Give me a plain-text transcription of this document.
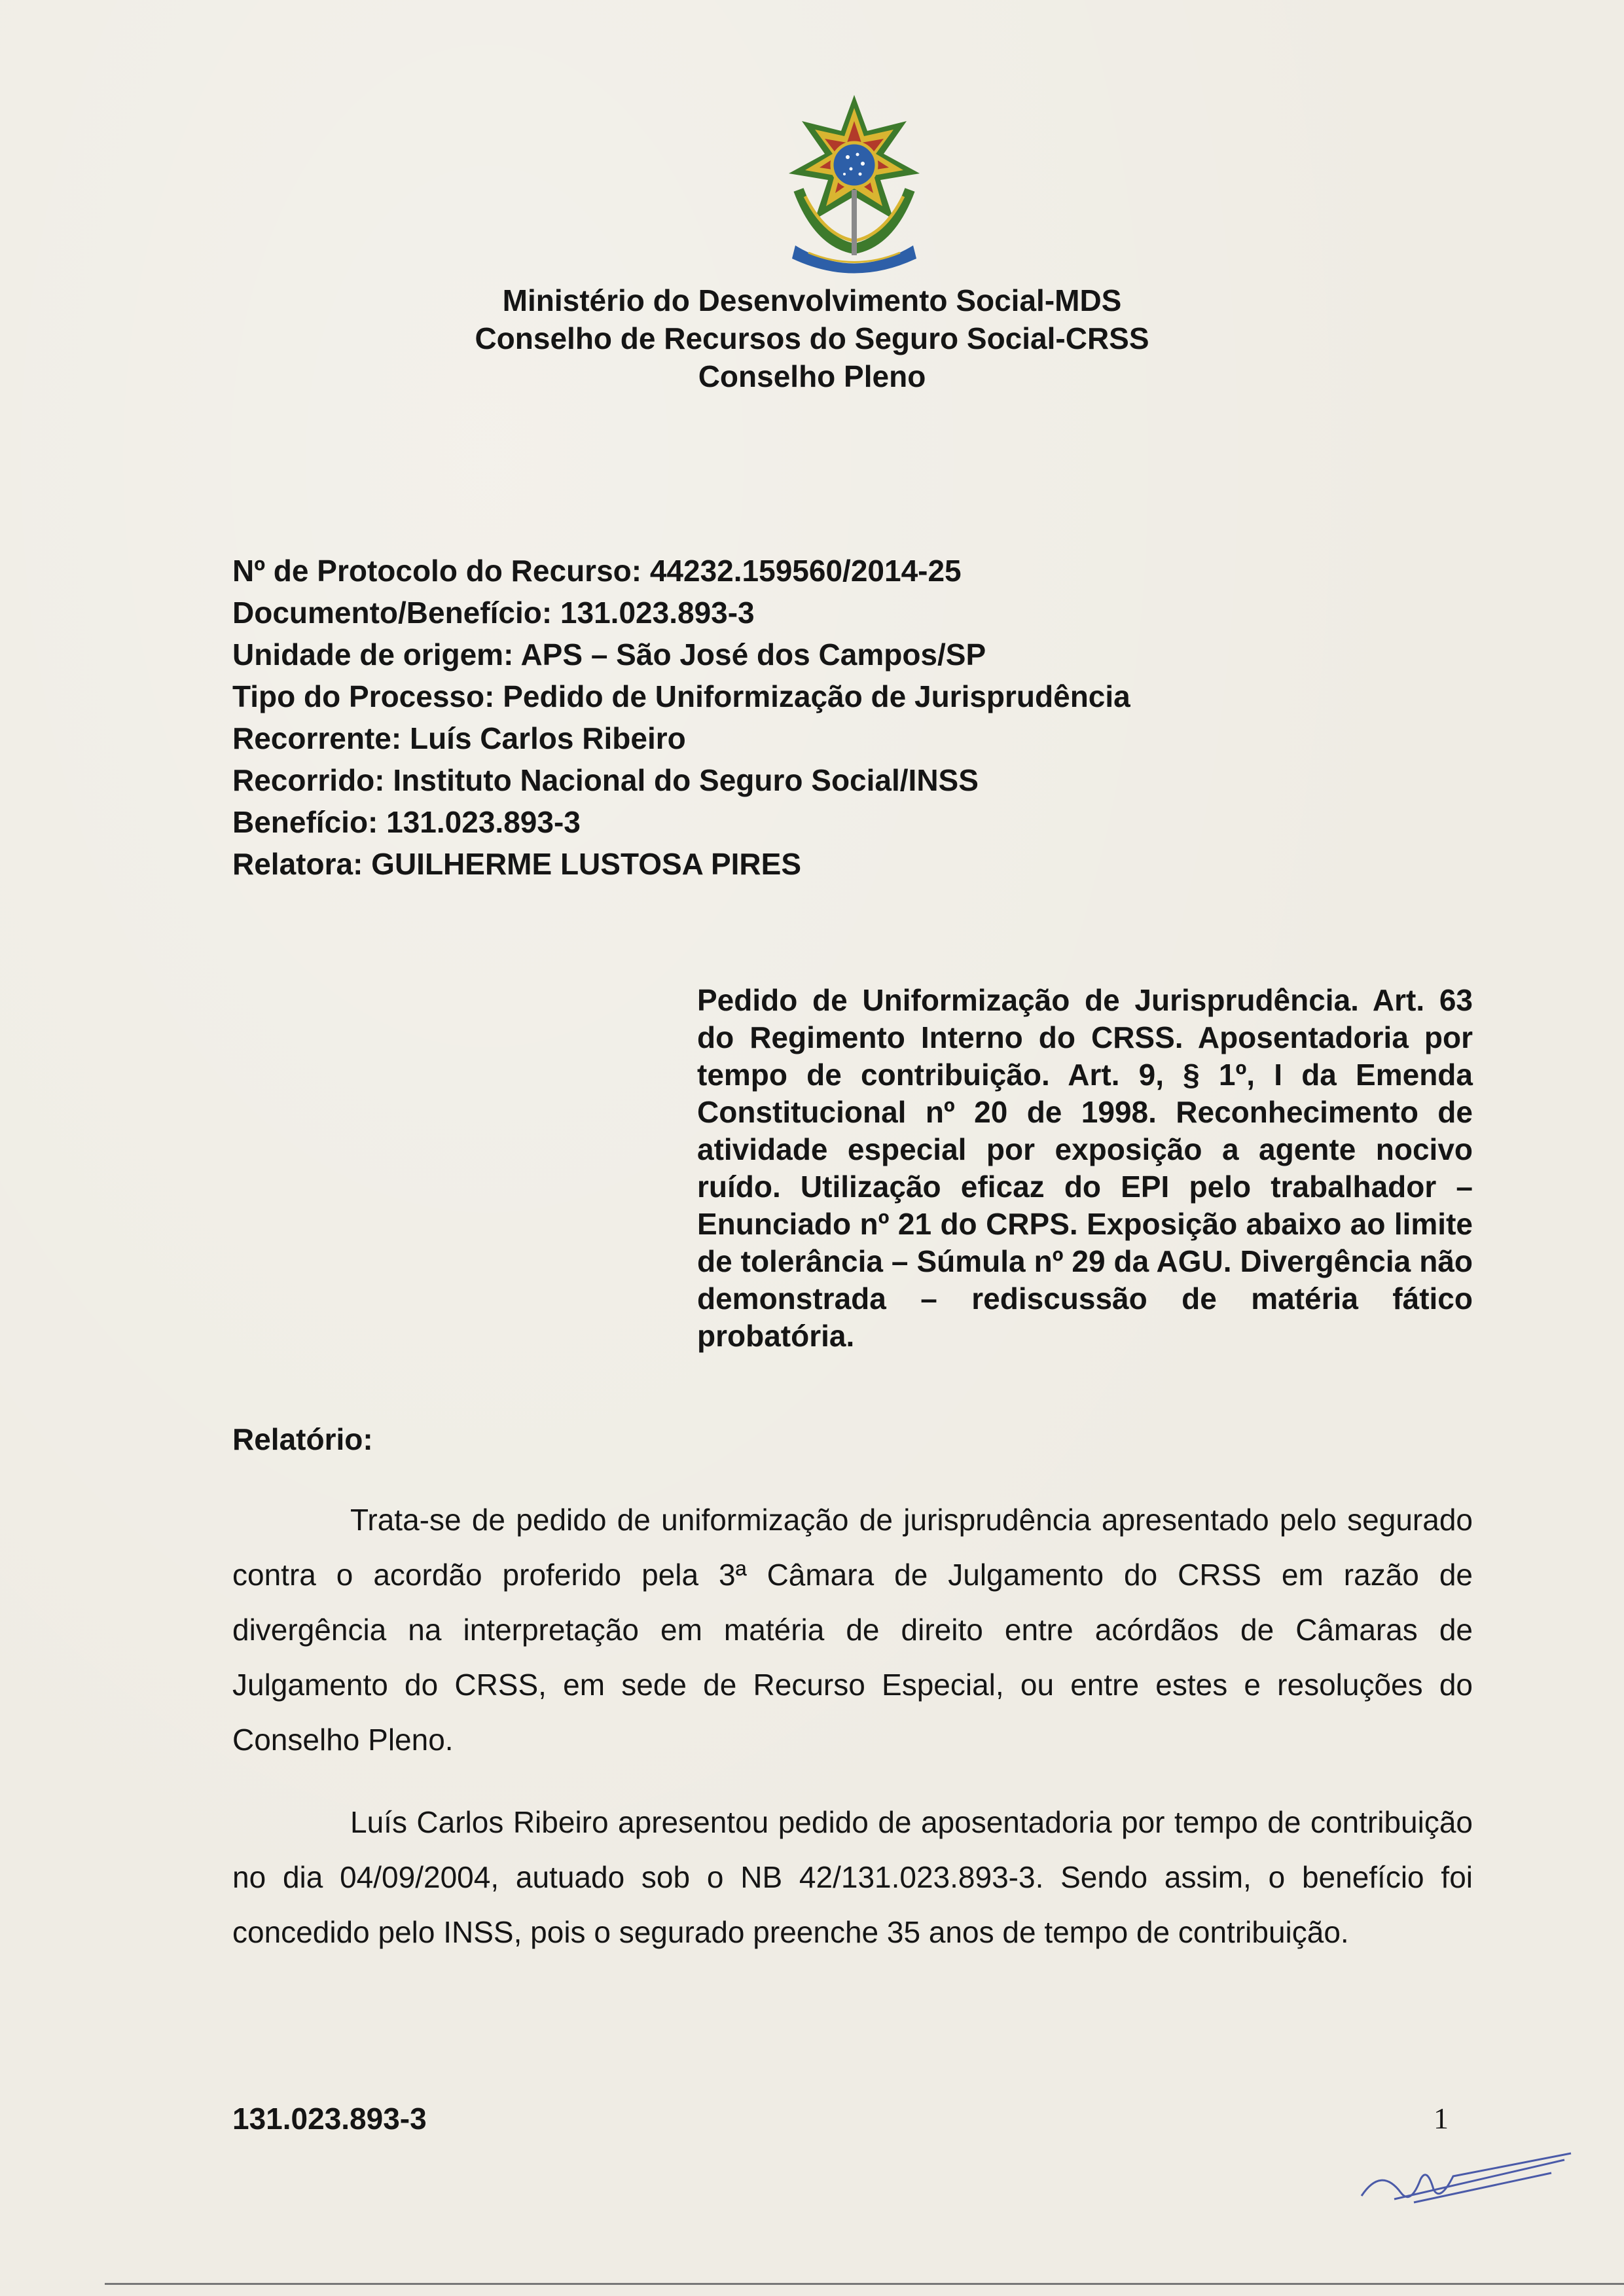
Ministério do Desenvolvimento Social-MDS
Conselho de Recursos do Seguro Social-CRSS
Conselho Pleno
Nº de Protocolo do Recurso: 44232.159560/2014-25
Documento/Benefício: 131.023.893-3
Unidade de origem: APS – São José dos Campos/SP
Tipo do Processo: Pedido de Uniformização de Jurisprudência
Recorrente: Luís Carlos Ribeiro
Recorrido: Instituto Nacional do Seguro Social/INSS
Benefício: 131.023.893-3
Relatora: GUILHERME LUSTOSA PIRES
Pedido de Uniformização de Jurisprudência. Art. 63 do Regimento Interno do CRSS. Aposentadoria por tempo de contribuição. Art. 9, § 1º, I da Emenda Constitucional nº 20 de 1998. Reconhecimento de atividade especial por exposição a agente nocivo ruído. Utilização eficaz do EPI pelo trabalhador – Enunciado nº 21 do CRPS. Exposição abaixo ao limite de tolerância – Súmula nº 29 da AGU. Divergência não demonstrada – rediscussão de matéria fático probatória.
Relatório:

Trata-se de pedido de uniformização de jurisprudência apresentado pelo segurado contra o acordão proferido pela 3ª Câmara de Julgamento do CRSS em razão de divergência na interpretação em matéria de direito entre acórdãos de Câmaras de Julgamento do CRSS, em sede de Recurso Especial, ou entre estes e resoluções do Conselho Pleno.

Luís Carlos Ribeiro apresentou pedido de aposentadoria por tempo de contribuição no dia 04/09/2004, autuado sob o NB 42/131.023.893-3. Sendo assim, o benefício foi concedido pelo INSS, pois o segurado preenche 35 anos de tempo de contribuição.

131.023.893-3	1
